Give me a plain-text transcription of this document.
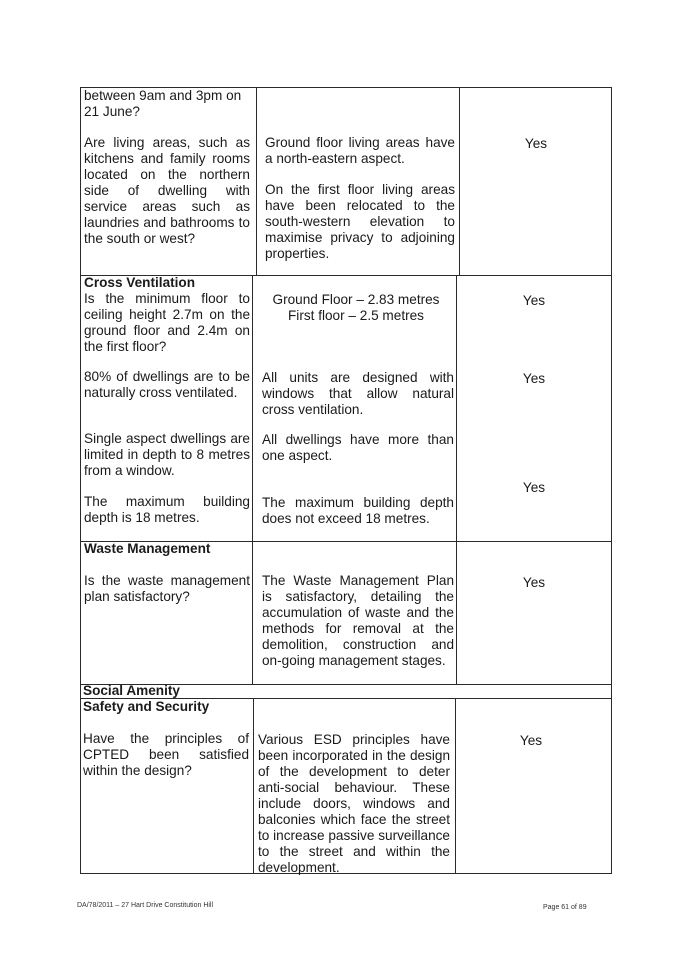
between 9am and 3pm on 21 June?

Are living areas, such as kitchens and family rooms located on the northern side of dwelling with service areas such as laundries and bathrooms to the south or west?

Ground floor living areas have a north-eastern aspect.

On the first floor living areas have been relocated to the south-western elevation to maximise privacy to adjoining properties.

Yes

Cross Ventilation

Is the minimum floor to ceiling height 2.7m on the ground floor and 2.4m on the first floor?

Ground Floor – 2.83 metres

First floor – 2.5 metres

Yes

80% of dwellings are to be naturally cross ventilated.

All units are designed with windows that allow natural cross ventilation.

Yes

Single aspect dwellings are limited in depth to 8 metres from a window.

All dwellings have more than one aspect.

Yes

The maximum building depth is 18 metres.

The maximum building depth does not exceed 18 metres.

Waste Management

Is the waste management plan satisfactory?

The Waste Management Plan is satisfactory, detailing the accumulation of waste and the methods for removal at the demolition, construction and on-going management stages.

Yes

Social Amenity

Safety and Security

Have the principles of CPTED been satisfied within the design?

Various ESD principles have been incorporated in the design of the development to deter anti-social behaviour. These include doors, windows and balconies which face the street to increase passive surveillance to the street and within the development.

Yes
DA/78/2011 – 27 Hart Drive Constitution Hill	Page 61 of 89
